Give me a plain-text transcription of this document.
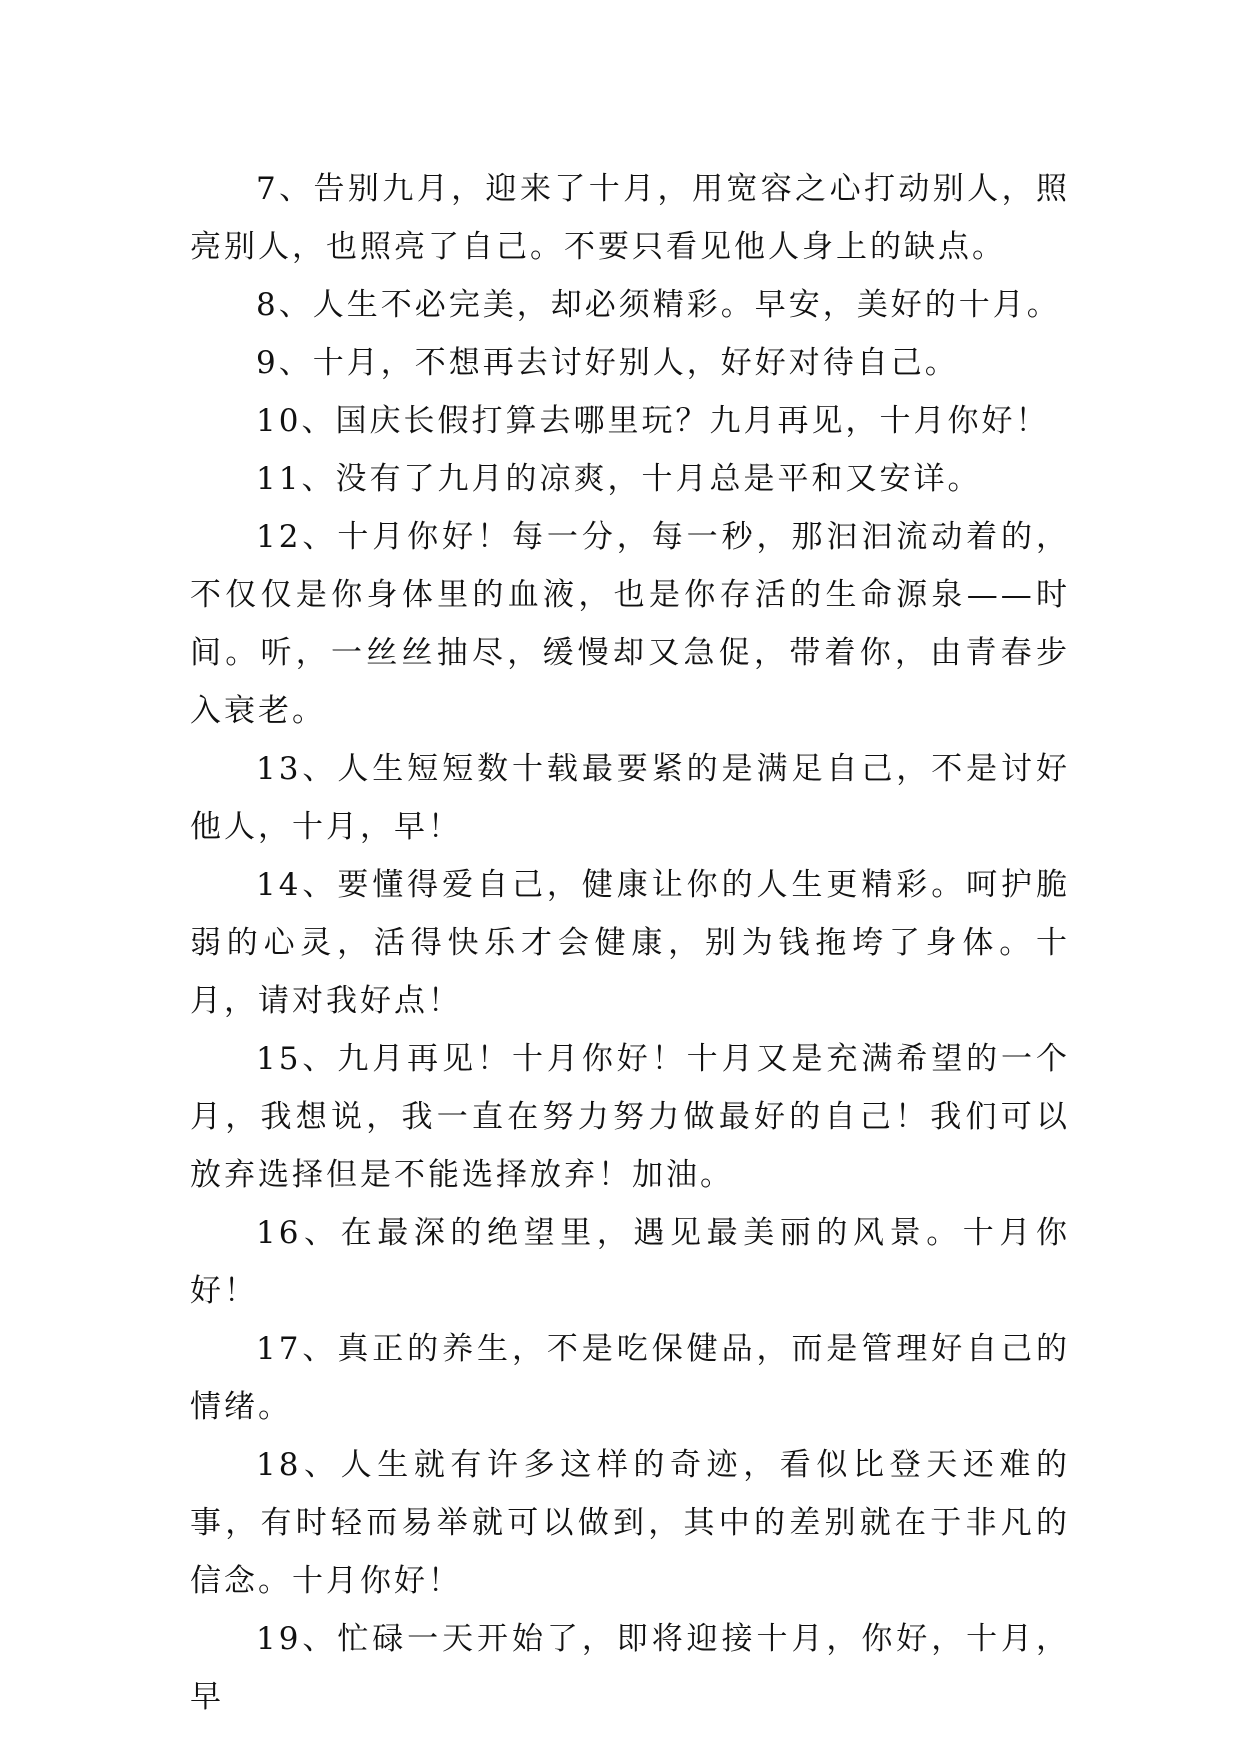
7、告别九月，迎来了十月，用宽容之心打动别人，照亮别人，也照亮了自己。不要只看见他人身上的缺点。

8、人生不必完美，却必须精彩。早安，美好的十月。

9、十月，不想再去讨好别人，好好对待自己。

10、国庆长假打算去哪里玩？九月再见，十月你好！

11、没有了九月的凉爽，十月总是平和又安详。

12、十月你好！每一分，每一秒，那汩汩流动着的，不仅仅是你身体里的血液，也是你存活的生命源泉——时间。听，一丝丝抽尽，缓慢却又急促，带着你，由青春步入衰老。

13、人生短短数十载最要紧的是满足自己，不是讨好他人，十月，早！

14、要懂得爱自己，健康让你的人生更精彩。呵护脆弱的心灵，活得快乐才会健康，别为钱拖垮了身体。十月，请对我好点！

15、九月再见！十月你好！十月又是充满希望的一个月，我想说，我一直在努力努力做最好的自己！我们可以放弃选择但是不能选择放弃！加油。

16、在最深的绝望里，遇见最美丽的风景。十月你好！

17、真正的养生，不是吃保健品，而是管理好自己的情绪。

18、人生就有许多这样的奇迹，看似比登天还难的事，有时轻而易举就可以做到，其中的差别就在于非凡的信念。十月你好！

19、忙碌一天开始了，即将迎接十月，你好，十月，早
